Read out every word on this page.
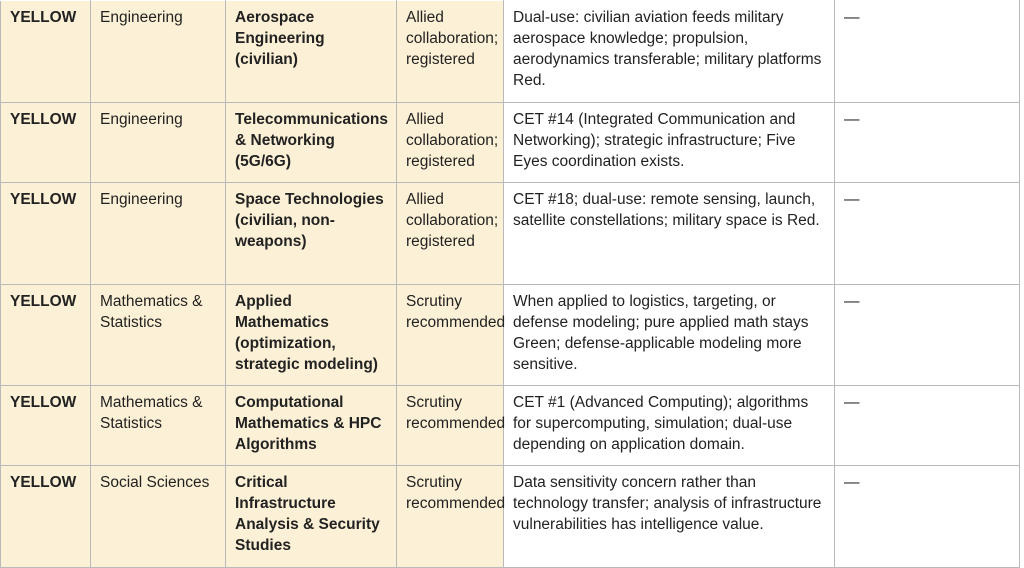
YELLOW	Engineering	Aerospace Engineering (civilian)	Allied collaboration; registered	Dual-use: civilian aviation feeds military aerospace knowledge; propulsion, aerodynamics transferable; military platforms Red.	—
YELLOW	Engineering	Telecommunications & Networking (5G/6G)	Allied collaboration; registered	CET #14 (Integrated Communication and Networking); strategic infrastructure; Five Eyes coordination exists.	—
YELLOW	Engineering	Space Technologies (civilian, non-weapons)	Allied collaboration; registered	CET #18; dual-use: remote sensing, launch, satellite constellations; military space is Red.	—
YELLOW	Mathematics & Statistics	Applied Mathematics (optimization, strategic modeling)	Scrutiny recommended	When applied to logistics, targeting, or defense modeling; pure applied math stays Green; defense-applicable modeling more sensitive.	—
YELLOW	Mathematics & Statistics	Computational Mathematics & HPC Algorithms	Scrutiny recommended	CET #1 (Advanced Computing); algorithms for supercomputing, simulation; dual-use depending on application domain.	—
YELLOW	Social Sciences	Critical Infrastructure Analysis & Security Studies	Scrutiny recommended	Data sensitivity concern rather than technology transfer; analysis of infrastructure vulnerabilities has intelligence value.	—
